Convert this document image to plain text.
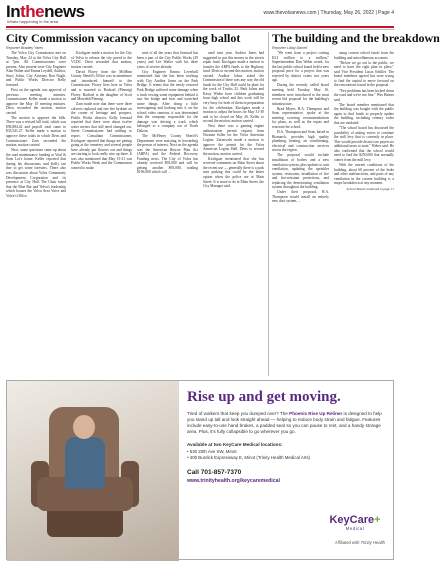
Inthenews
Whats happening in the area
www.thevolvanews.com | Thursday, May 26, 2022 | Page 4
City Commission vacancy on upcoming ballot
Reporter Bradley Yates
The building and the breakdown
Reporter Libby Darrell

The Volva City Commission met on Tuesday, May 24 at the Volva City Hall at 7pm. All Commissioners were present. Also present were City Engineer Alan Walter and Emma Leydell, Auditor, Stacy Johns, City Attorney Ron Nagle, and Public Works Director Kelly Jomstad.

First on the agenda was approval of previous meeting minutes. Commissioner Keller made a motion to approve the May 10 meeting minutes. Deris seconded the motion, motion carried.

The motion to approve the bills. There was a revised bill total, which was $94,884.42 and payroll total came to $33,541.27. Keller made a motion to approve these totals in which Deris and Commissioner Zarn seconded the motion, motion carried.

Next, some questions came up about the road maintenance funding at Vital & Sons Lot's home. Keller reported that during his discussions said Kelly ran fine to get some foresters. There also was discussion about Volva Community Development Corporation and its presence at City Hall. The Chair noted that the Blue Bar and Volva's leadership which houses the Volva Area Voice and Volva's Office.

Kirchgaer made a motion for the City of Volva to release the city paved to the VCDC. Deris seconded that motion, motion carried.

David Florey from the McMinn County Sheriff's Office was in attendance and introduced himself to the Commission. Florey lives here in Volva and is married to Rachael (Pfennig) Florey. Rachael is the daughter of Scott and Meredith Pfennig.

Zarn made note that there were three culverts replaced and one fire hydrant on the corner of heritage and prospect. Public Works director, Kelly Jomstad reported that there were about twelve water meters that still need changed out. Street Commissioner had nothing to report. Consultant Commissioner, Kirchgaer reported that things are getting going at the cemetery and several people have already put flowers out and things are starting to look really nice up there. It was also mentioned that May 15-21 was Public Works Week and the Commission wanted to make

note of all the years that Jomstad has been a part of the City Public Works (29 years) and Lee Walter with his three years of service already.

City Engineer Emma Leverball mentioned that she has been working with City Auditor Jones on the Park Bridge. It seems that the newly restored Park Bridge suffered some damage when a truck towing some equipment behind it saw the bridge and how and scratched some things. After doing a little investigating and looking into it on the school video cameras, it was determined that the company responsible for the damage was driving a truck which belonged to a company out of North Dakota.

The McHenry County Sheriff's Department were assisting in forwarding the person of interest. Next on the agenda was the American Rescue Plan Act (ARPA) and the Federal Recovery Funding news. The City of Volva has already received $93,000 and will be getting another $93,000, totaling $196,000 which will ...

until next year. Auditor Jones had suggested to put this money in the streets repair fund. Kirchgaer made a motion to transfer the ARPA funds to the Highway fund. Deris to second this motion, motion carried. Auditor Johns asked the Commission if there was any way the old funds for the City Hall could be plate for the work of Trucks 23. Beth Johns and Kesty Wiebe have children graduating from high school and this work will be very busy for both of them in preparation for the celebration. Kirchgaer made a motion to adjust the hours for May 31-30 and to be closed on May 26. Keller to second the motion, motion carried.

Next there was a gaming engine authorization permit request from Norman Soller for the Volva American Legion. Zarnowski made a motion to approve the permit for the Volva American Legion Hall. Deris to second the motion, motion carried.

Kirchgaer mentioned that she has received comments on Main Street about the recent use — generally there is a park area parking this could be the better option when the police are at Main Street. It is more to do at Main Street, the City Manager said.

"We went from a project costing $3.2 million to a million," Superintendent Dan Weber noted, for the last public school board held a new proposal price for a project that was rejected by district voters two years ago.

During the recently called board meeting held Tuesday, May 16, members were introduced to the most recent bid proposal for the building's infrastructure.

Brad Meyer, H.A. Thompson and Sons representative, spoke at the meeting covering recommendations for plans, as well as the repair and renovate the school.

H.A. Thompson and Sons, based in Bismarck, provides high quality plumbing, heating, air conditioning, electrical and construction services across the region.

The proposal would include installation of boilers and a new ventilation system, plus updates to unit ventilation, updating the sprinkler system, restrooms, installation of fire and fire-resistant protections, and replacing the deteriorating ventilation system throughout the building.

Under their proposal, H.A. Thompson would install an entirely new duct system, ...

using current school funds from the building and miscellaneous accounts.

"Before we go out to the public, we need to have the right plan in place," said Vice President Lucas Schiller. The board members agreed but were trying to find the capital to move forward on the renovations found in the proposal.

"Fire problems has been kicked down the road and we're not fine," Wes Haines said.

The board member mentioned that the building was bought with the public again to find funds to properly update the building, including century codes that are outdated.

"The school board has discussed the possibility of asking voters to continue the mill levy that is currently in place. This would provide district tax payers no additional taxes to state," Weber said. He also confirmed that the school would need to find the $250,000 that normally comes from the mill levy.

With the current conditions of the building, about 60 percent of the leaks and other malfunctions, and parts of any ventilation in the current building is a major breakdown at any moment.

School Board continued to page 11
Rise up and get moving.
Tired of walkers that keep you dumped over? The Phoenix Rise Up Reliner is designed to help you stand up tall and look straight ahead — helping to reduce body strain and fatigue. Features include easy-to-use hand brakes, a padded seat so you can pause to rest, and a handy storage area. Plus, it's fully collapsible to go wherever you go.
Available at two KeyCare Medical locations:
• 530 20th Ave SW, Minot
• 400 Burdick Expressway E, Minot (Trinity Health Medical Arts)
Call 701-857-7370
www.trinityhealth.org/keycaremedical
KeyCare+
Medical
Affiliated with Trinity Health
